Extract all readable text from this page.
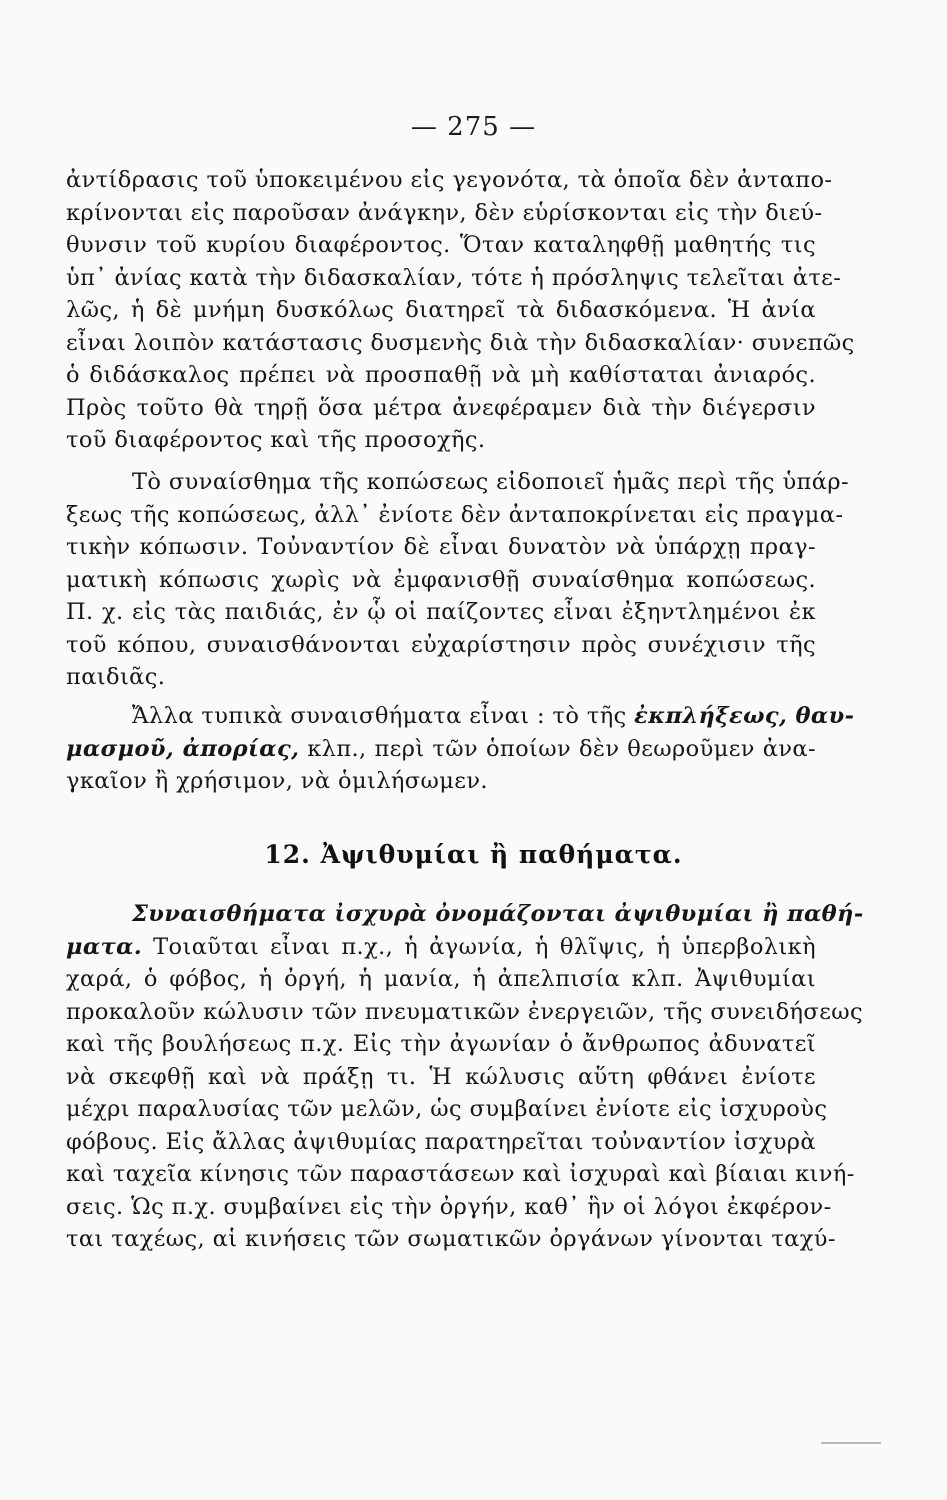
— 275 —
ἀντίδρασις τοῦ ὑποκειμένου εἰς γεγονότα, τὰ ὁποῖα δὲν ἀνταπο-
κρίνονται εἰς παροῦσαν ἀνάγκην, δὲν εὑρίσκονται εἰς τὴν διεύ-
θυνσιν τοῦ κυρίου διαφέροντος. Ὅταν καταληφθῇ μαθητής τις
ὑπ᾿ ἀνίας κατὰ τὴν διδασκαλίαν, τότε ἡ πρόσληψις τελεῖται ἀτε-
λῶς, ἡ δὲ μνήμη δυσκόλως διατηρεῖ τὰ διδασκόμενα. Ἡ ἀνία
εἶναι λοιπὸν κατάστασις δυσμενὴς διὰ τὴν διδασκαλίαν· συνεπῶς
ὁ διδάσκαλος πρέπει νὰ προσπαθῇ νὰ μὴ καθίσταται ἀνιαρός.
Πρὸς τοῦτο θὰ τηρῇ ὅσα μέτρα ἀνεφέραμεν διὰ τὴν διέγερσιν
τοῦ διαφέροντος καὶ τῆς προσοχῆς.
Τὸ συναίσθημα τῆς κοπώσεως εἰδοποιεῖ ἡμᾶς περὶ τῆς ὑπάρ-
ξεως τῆς κοπώσεως, ἀλλ᾿ ἐνίοτε δὲν ἀνταποκρίνεται εἰς πραγμα-
τικὴν κόπωσιν. Τοὐναντίον δὲ εἶναι δυνατὸν νὰ ὑπάρχῃ πραγ-
ματικὴ κόπωσις χωρὶς νὰ ἐμφανισθῇ συναίσθημα κοπώσεως.
Π. χ. εἰς τὰς παιδιάς, ἐν ᾧ οἱ παίζοντες εἶναι ἐξηντλημένοι ἐκ
τοῦ κόπου, συναισθάνονται εὐχαρίστησιν πρὸς συνέχισιν τῆς
παιδιᾶς.
Ἄλλα τυπικὰ συναισθήματα εἶναι : τὸ τῆς ἐκπλήξεως, θαυ-
μασμοῦ, ἀπορίας, κλπ., περὶ τῶν ὁποίων δὲν θεωροῦμεν ἀνα-
γκαῖον ἢ χρήσιμον, νὰ ὁμιλήσωμεν.
12. Ἀψιθυμίαι ἢ παθήματα.
Συναισθήματα ἰσχυρὰ ὀνομάζονται ἀψιθυμίαι ἢ παθή-
ματα. Τοιαῦται εἶναι π.χ., ἡ ἀγωνία, ἡ θλῖψις, ἡ ὑπερβολικὴ
χαρά, ὁ φόβος, ἡ ὀργή, ἡ μανία, ἡ ἀπελπισία κλπ. Ἀψιθυμίαι
προκαλοῦν κώλυσιν τῶν πνευματικῶν ἐνεργειῶν, τῆς συνειδήσεως
καὶ τῆς βουλήσεως π.χ. Εἰς τὴν ἀγωνίαν ὁ ἄνθρωπος ἀδυνατεῖ
νὰ σκεφθῇ καὶ νὰ πράξῃ τι. Ἡ κώλυσις αὕτη φθάνει ἐνίοτε
μέχρι παραλυσίας τῶν μελῶν, ὡς συμβαίνει ἐνίοτε εἰς ἰσχυροὺς
φόβους. Εἰς ἄλλας ἀψιθυμίας παρατηρεῖται τοὐναντίον ἰσχυρὰ
καὶ ταχεῖα κίνησις τῶν παραστάσεων καὶ ἰσχυραὶ καὶ βίαιαι κινή-
σεις. Ὡς π.χ. συμβαίνει εἰς τὴν ὀργήν, καθ᾿ ἣν οἱ λόγοι ἐκφέρον-
ται ταχέως, αἱ κινήσεις τῶν σωματικῶν ὀργάνων γίνονται ταχύ-
